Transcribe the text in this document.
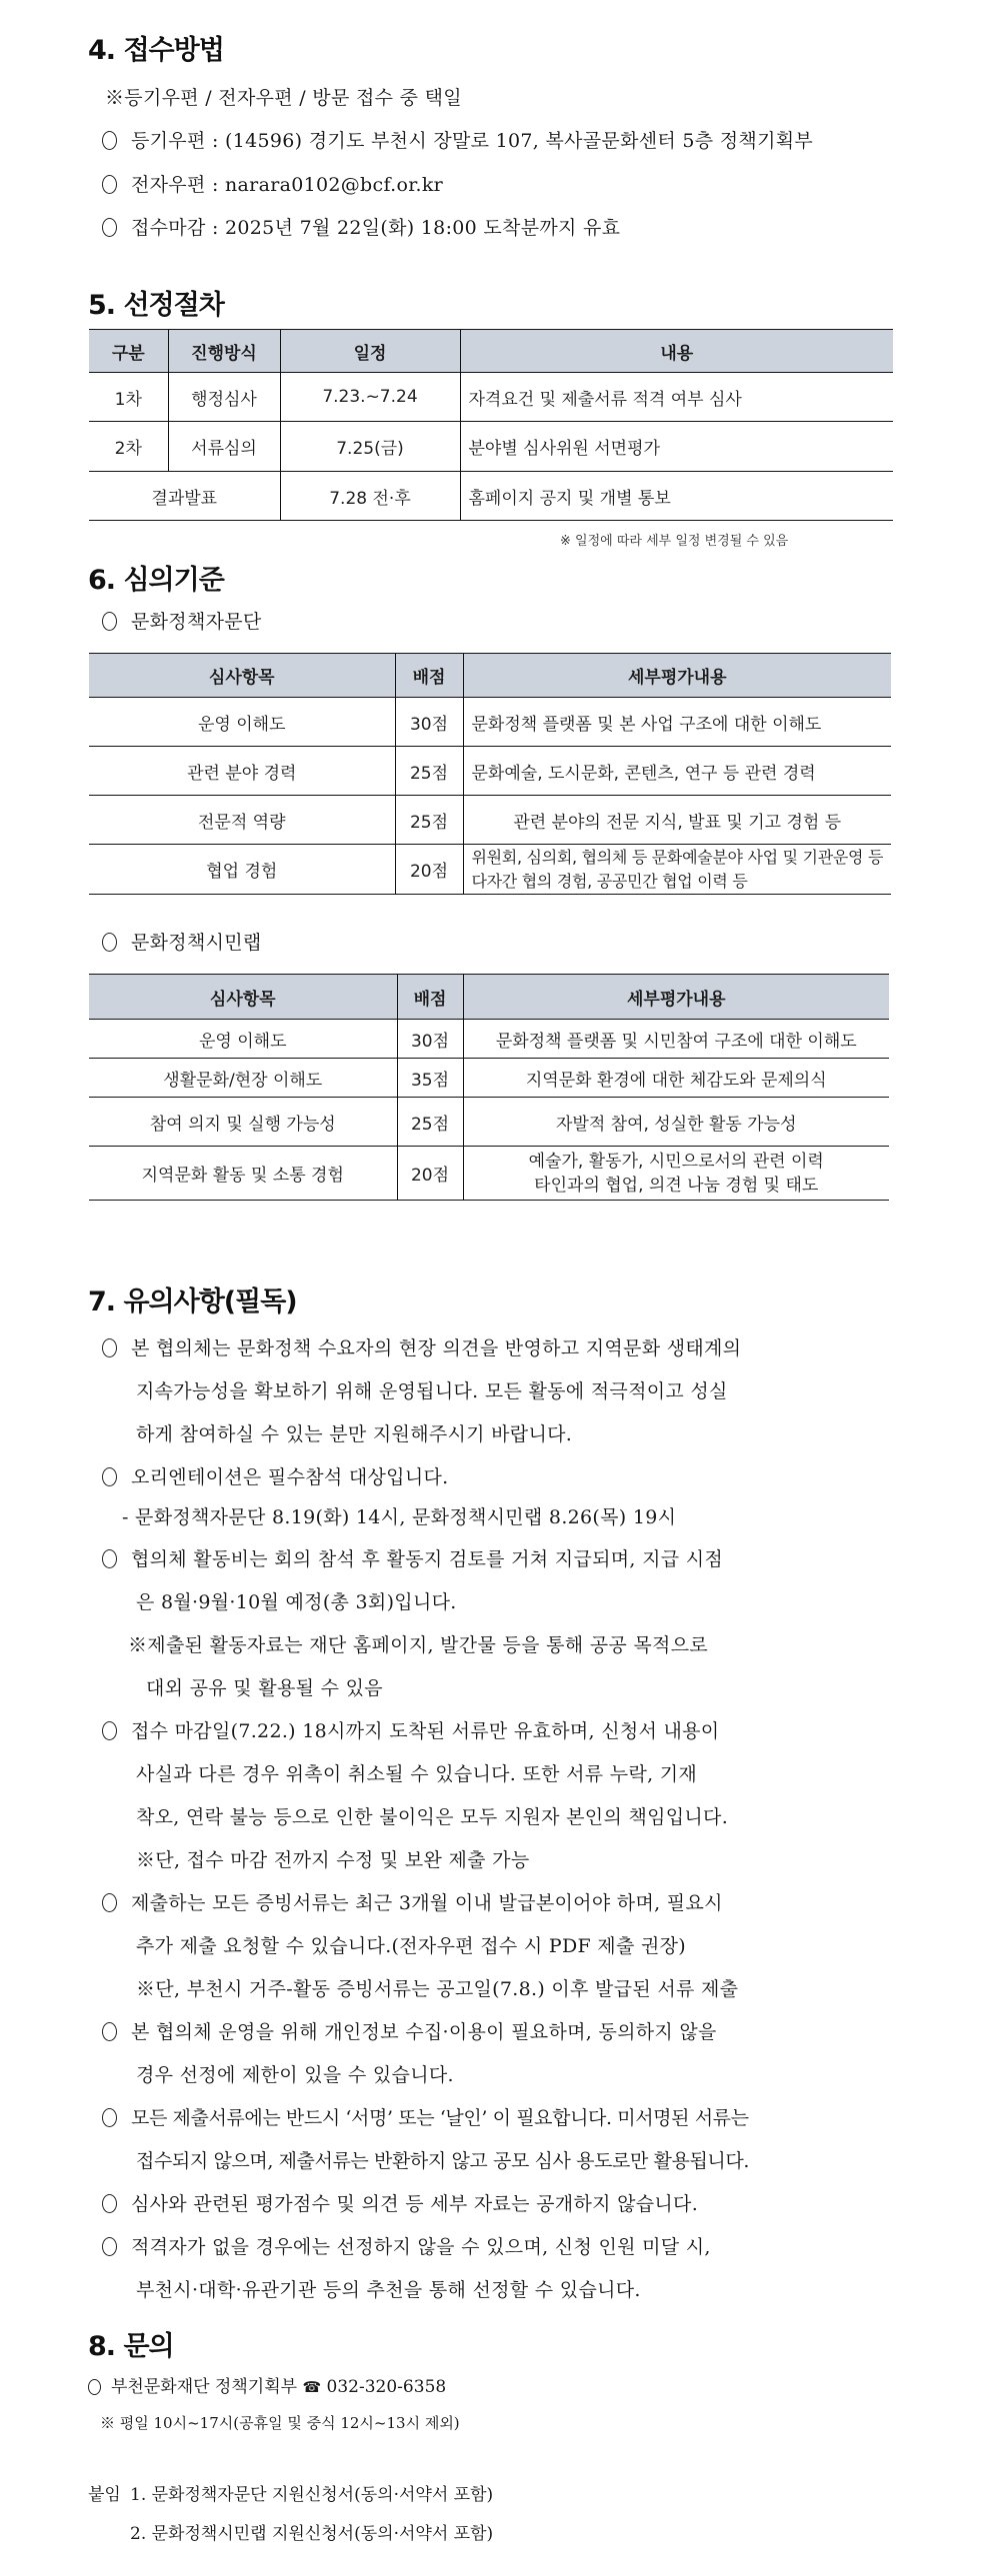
4. 접수방법
※등기우편 / 전자우편 / 방문 접수 중 택일
등기우편 : (14596) 경기도 부천시 장말로 107, 복사골문화센터 5층 정책기획부
전자우편 : narara0102@bcf.or.kr
접수마감 : 2025년 7월 22일(화) 18:00 도착분까지 유효
5. 선정절차
구분	진행방식	일정	내용
1차	행정심사	7.23.~7.24	자격요건 및 제출서류 적격 여부 심사
2차	서류심의	7.25(금)	분야별 심사위원 서면평가
결과발표		7.28 전·후	홈페이지 공지 및 개별 통보
※ 일정에 따라 세부 일정 변경될 수 있음
6. 심의기준
문화정책자문단
심사항목	배점	세부평가내용
운영 이해도	30점	문화정책 플랫폼 및 본 사업 구조에 대한 이해도
관련 분야 경력	25점	문화예술, 도시문화, 콘텐츠, 연구 등 관련 경력
전문적 역량	25점	관련 분야의 전문 지식, 발표 및 기고 경험 등
협업 경험	20점	위원회, 심의회, 협의체 등 문화예술분야 사업 및 기관운영 등 다자간 협의 경험, 공공민간 협업 이력 등
문화정책시민랩
심사항목	배점	세부평가내용
운영 이해도	30점	문화정책 플랫폼 및 시민참여 구조에 대한 이해도
생활문화/현장 이해도	35점	지역문화 환경에 대한 체감도와 문제의식
참여 의지 및 실행 가능성	25점	자발적 참여, 성실한 활동 가능성
지역문화 활동 및 소통 경험	20점	예술가, 활동가, 시민으로서의 관련 이력
타인과의 협업, 의견 나눔 경험 및 태도
7. 유의사항(필독)
본 협의체는 문화정책 수요자의 현장 의견을 반영하고 지역문화 생태계의
지속가능성을 확보하기 위해 운영됩니다. 모든 활동에 적극적이고 성실
하게 참여하실 수 있는 분만 지원해주시기 바랍니다.
오리엔테이션은 필수참석 대상입니다.
- 문화정책자문단 8.19(화) 14시, 문화정책시민랩 8.26(목) 19시
협의체 활동비는 회의 참석 후 활동지 검토를 거쳐 지급되며, 지급 시점
은 8월·9월·10월 예정(총 3회)입니다.
※제출된 활동자료는 재단 홈페이지, 발간물 등을 통해 공공 목적으로
대외 공유 및 활용될 수 있음
접수 마감일(7.22.) 18시까지 도착된 서류만 유효하며, 신청서 내용이
사실과 다른 경우 위촉이 취소될 수 있습니다. 또한 서류 누락, 기재
착오, 연락 불능 등으로 인한 불이익은 모두 지원자 본인의 책임입니다.
※단, 접수 마감 전까지 수정 및 보완 제출 가능
제출하는 모든 증빙서류는 최근 3개월 이내 발급본이어야 하며, 필요시
추가 제출 요청할 수 있습니다.(전자우편 접수 시 PDF 제출 권장)
※단, 부천시 거주-활동 증빙서류는 공고일(7.8.) 이후 발급된 서류 제출
본 협의체 운영을 위해 개인정보 수집·이용이 필요하며, 동의하지 않을
경우 선정에 제한이 있을 수 있습니다.
모든 제출서류에는 반드시 ‘서명’ 또는 ‘날인’ 이 필요합니다. 미서명된 서류는
접수되지 않으며, 제출서류는 반환하지 않고 공모 심사 용도로만 활용됩니다.
심사와 관련된 평가점수 및 의견 등 세부 자료는 공개하지 않습니다.
적격자가 없을 경우에는 선정하지 않을 수 있으며, 신청 인원 미달 시,
부천시·대학·유관기관 등의 추천을 통해 선정할 수 있습니다.
8. 문의
부천문화재단 정책기획부 ☎ 032-320-6358
※ 평일 10시~17시(공휴일 및 중식 12시~13시 제외)
붙임 1. 문화정책자문단 지원신청서(동의·서약서 포함)
2. 문화정책시민랩 지원신청서(동의·서약서 포함)
